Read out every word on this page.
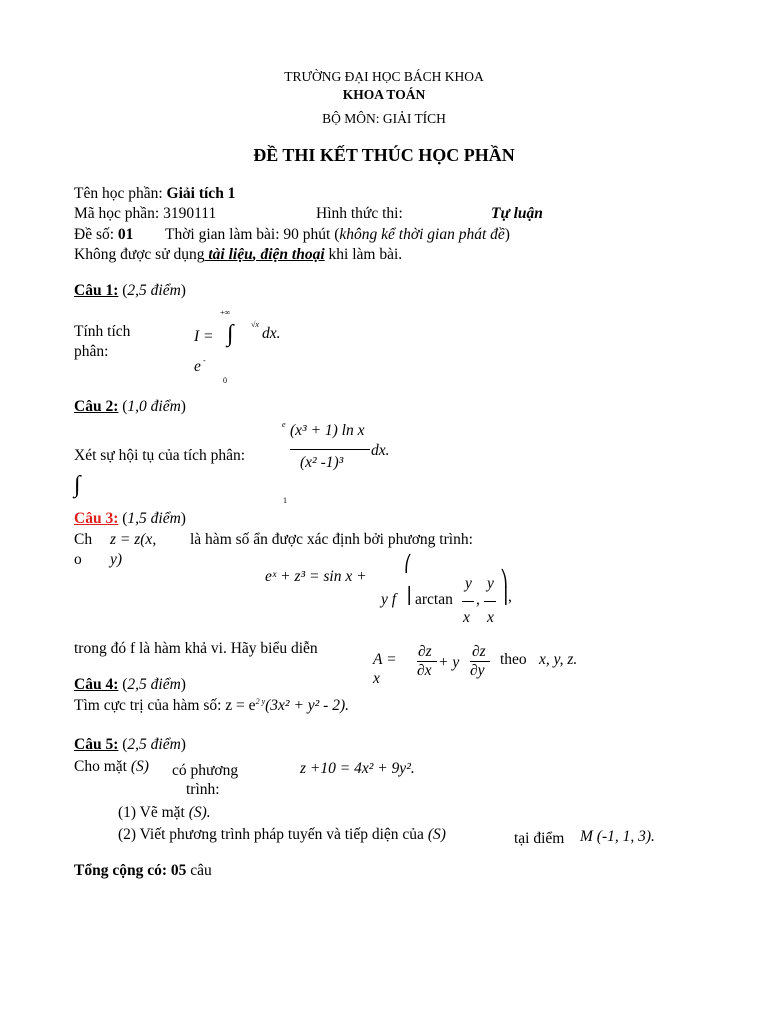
TRƯỜNG ĐẠI HỌC BÁCH KHOA
KHOA TOÁN
BỘ MÔN: GIẢI TÍCH
ĐỀ THI KẾT THÚC HỌC PHẦN
Tên học phần: Giải tích 1
Mã học phần: 3190111	Hình thức thi:	Tự luận
Đề số: 01 Thời gian làm bài: 90 phút (không kể thời gian phát đề)
Không được sử dụng tài liệu, điện thoại khi làm bài.
Câu 1: (2,5 điểm)
+∞
Tính tích
phân:
I = ∫ √x
dx.
e -
0
Câu 2: (1,0 điểm)
e (x³ + 1) ln x
Xét sự hội tụ của tích phân:	dx.
(x² -1)³
∫
1
Câu 3: (1,5 điểm)
Ch
o
z = z(x,
y)
là hàm số ẩn được xác định bởi phương trình:
eˣ + z³ = sin x +
⎛
y y ⎞
y f ⎜ arctan , ⎟ ,
x x
trong đó f là hàm khả vi. Hãy biểu diễn
A =
x
∂z
∂x + y
∂z
∂y
theo x, y, z.
Câu 4: (2,5 điểm)
Tìm cực trị của hàm số: $z = e^{2 y}(3x^2 + y^2 - 2)$.
Câu 5: (2,5 điểm)
Cho mặt (S) có phương
trình:
z +10 = 4x² + 9y².
(1) Vẽ mặt (S).
(2) Viết phương trình pháp tuyến và tiếp diện của (S)	tại điểm M (-1, 1, 3).
Tổng cộng có: 05 câu
